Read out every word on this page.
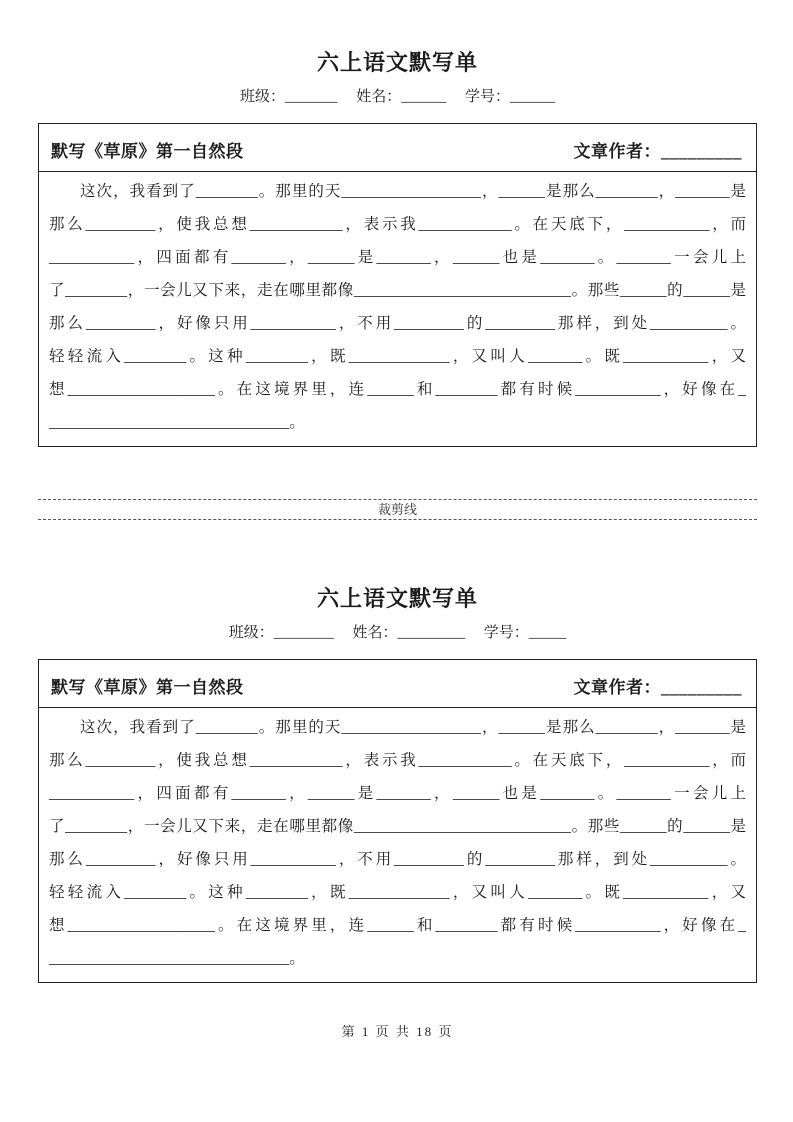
六上语文默写单
班级：_______　 姓名：______　 学号：______
默写《草原》第一自然段	文章作者：_________
这次，我看到了________。那里的天__________________，______是那么________，_______是
那么_________，使我总想____________，表示我____________。在天底下，___________，而
___________，四面都有_______，______是_______，______也是_______。_______一会儿上
了________，一会儿又下来，走在哪里都像____________________________。那些______的______是
那么_________，好像只用___________，不用_________的_________那样，到处__________。
轻轻流入________。这种________，既_____________，又叫人_______。既___________，又
想___________________。在这境界里，连______和________都有时候___________，好像在_
_______________________________。
裁剪线
六上语文默写单
班级：________　 姓名：_________　 学号：_____
默写《草原》第一自然段	文章作者：_________
这次，我看到了________。那里的天__________________，______是那么________，_______是
那么_________，使我总想____________，表示我____________。在天底下，___________，而
___________，四面都有_______，______是_______，______也是_______。_______一会儿上
了________，一会儿又下来，走在哪里都像____________________________。那些______的______是
那么_________，好像只用___________，不用_________的_________那样，到处__________。
轻轻流入________。这种________，既_____________，又叫人_______。既___________，又
想___________________。在这境界里，连______和________都有时候___________，好像在_
_______________________________。
第 1 页 共 18 页
